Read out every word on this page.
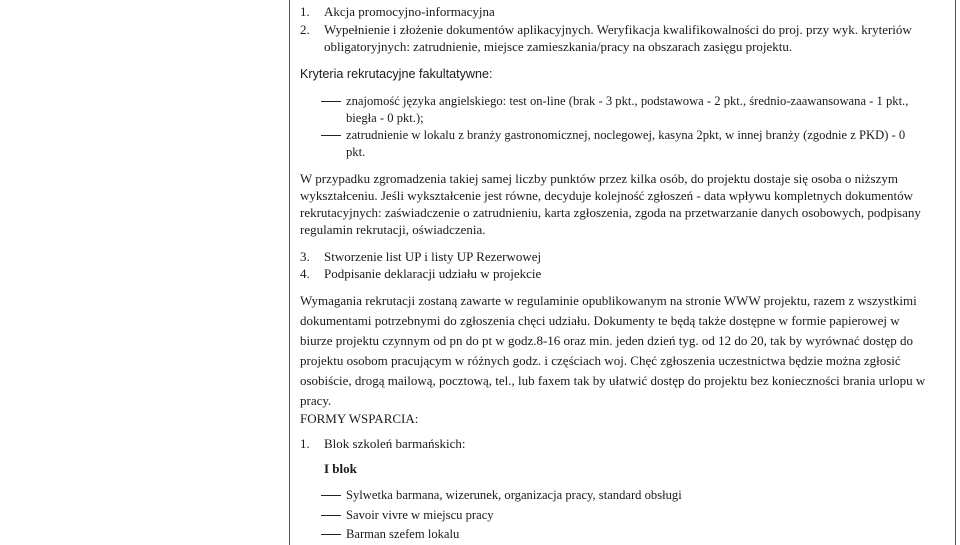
1. Akcja promocyjno-informacyjna
2. Wypełnienie i złożenie dokumentów aplikacyjnych. Weryfikacja kwalifikowalności do proj. przy wyk. kryteriów
obligatoryjnych: zatrudnienie, miejsce zamieszkania/pracy na obszarach zasięgu projektu.
Kryteria rekrutacyjne fakultatywne:
znajomość języka angielskiego: test on-line (brak - 3 pkt., podstawowa - 2 pkt., średnio-zaawansowana - 1 pkt.,
biegła - 0 pkt.);
zatrudnienie w lokalu z branży gastronomicznej, noclegowej, kasyna 2pkt, w innej branży (zgodnie z PKD) - 0
pkt.
W przypadku zgromadzenia takiej samej liczby punktów przez kilka osób, do projektu dostaje się osoba o niższym
wykształceniu. Jeśli wykształcenie jest równe, decyduje kolejność zgłoszeń - data wpływu kompletnych dokumentów
rekrutacyjnych: zaświadczenie o zatrudnieniu, karta zgłoszenia, zgoda na przetwarzanie danych osobowych, podpisany
regulamin rekrutacji, oświadczenia.
3. Stworzenie list UP i listy UP Rezerwowej
4. Podpisanie deklaracji udziału w projekcie
Wymagania rekrutacji zostaną zawarte w regulaminie opublikowanym na stronie WWW projektu, razem z wszystkimi
dokumentami potrzebnymi do zgłoszenia chęci udziału. Dokumenty te będą także dostępne w formie papierowej w
biurze projektu czynnym od pn do pt w godz.8-16 oraz min. jeden dzień tyg. od 12 do 20, tak by wyrównać dostęp do
projektu osobom pracującym w różnych godz. i częściach woj. Chęć zgłoszenia uczestnictwa będzie można zgłosić
osobiście, drogą mailową, pocztową, tel., lub faxem tak by ułatwić dostęp do projektu bez konieczności brania urlopu w
pracy.
FORMY WSPARCIA:
1. Blok szkoleń barmańskich:
I blok
Sylwetka barmana, wizerunek, organizacja pracy, standard obsługi
Savoir vivre w miejscu pracy
Barman szefem lokalu
